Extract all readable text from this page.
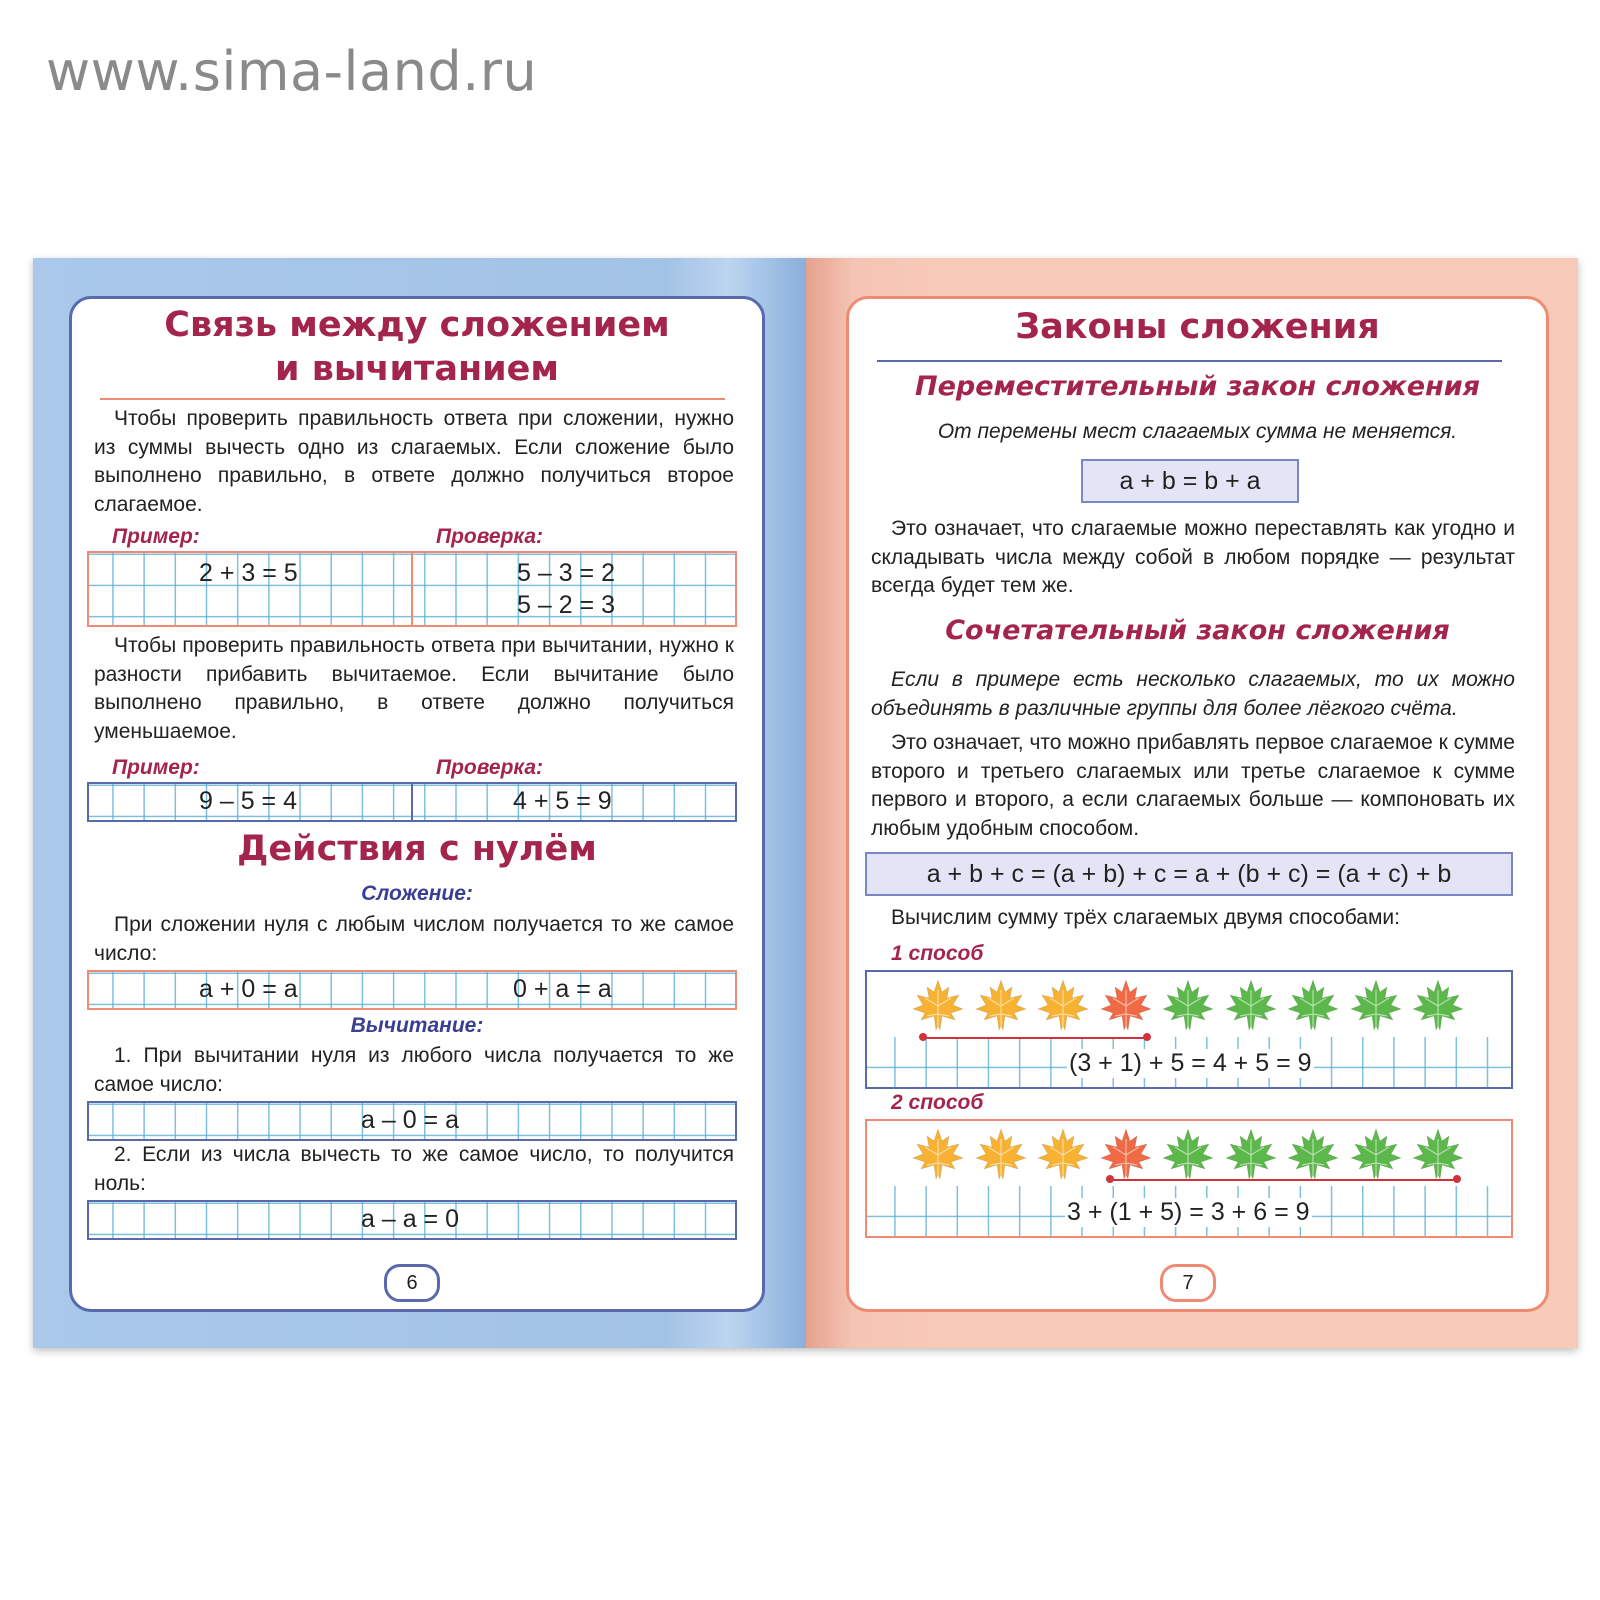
www.sima-land.ru
Связь между сложением
и вычитанием
Чтобы проверить правильность ответа при сложении, нужно из суммы вычесть одно из слагаемых. Если сложение было выполнено правильно, в ответе должно получиться второе слагаемое.
Пример:	Проверка:
2 + 3 = 5	5 – 3 = 2
5 – 2 = 3
Чтобы проверить правильность ответа при вычитании, нужно к разности прибавить вычитаемое. Если вычитание было выполнено правильно, в ответе должно получиться уменьшаемое.
Пример:	Проверка:
9 – 5 = 4	4 + 5 = 9
Действия с нулём
Сложение:
При сложении нуля с любым числом получается то же самое число:
a + 0 = a	0 + a = a
Вычитание:
1. При вычитании нуля из любого числа получается то же самое число:
a – 0 = a
2. Если из числа вычесть то же самое число, то получится ноль:
a – a = 0
6
Законы сложения
Переместительный закон сложения
От перемены мест слагаемых сумма не меняется.
a + b = b + a
Это означает, что слагаемые можно переставлять как угодно и складывать числа между собой в любом порядке — результат всегда будет тем же.
Сочетательный закон сложения
Если в примере есть несколько слагаемых, то их можно объединять в различные группы для более лёгкого счёта.
Это означает, что можно прибавлять первое слагаемое к сумме второго и третьего слагаемых или третье слагаемое к сумме первого и второго, а если слагаемых больше — компоновать их любым удобным способом.
a + b + c = (a + b) + c = a + (b + c) = (a + c) + b
Вычислим сумму трёх слагаемых двумя способами:
1 способ
(3 + 1) + 5 = 4 + 5 = 9
2 способ
3 + (1 + 5) = 3 + 6 = 9
7
